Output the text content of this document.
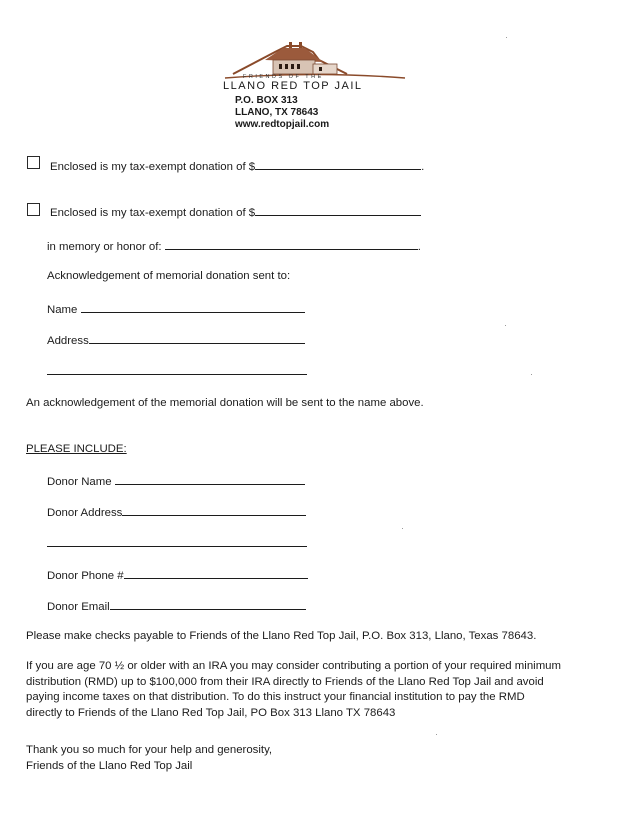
FRIENDS OF THE
LLANO RED TOP JAIL
P.O. BOX 313
LLANO, TX 78643
www.redtopjail.com
Enclosed is my tax-exempt donation of $	.
Enclosed is my tax-exempt donation of $
in memory or honor of:	.
Acknowledgement of memorial donation sent to:
Name
Address
An acknowledgement of the memorial donation will be sent to the name above.
PLEASE INCLUDE:
Donor Name
Donor Address
Donor Phone #
Donor Email
Please make checks payable to Friends of the Llano Red Top Jail, P.O. Box 313, Llano, Texas 78643.
If you are age 70 ½ or older with an IRA you may consider contributing a portion of your required minimum
distribution (RMD) up to $100,000 from their IRA directly to Friends of the Llano Red Top Jail and avoid
paying income taxes on that distribution. To do this instruct your financial institution to pay the RMD
directly to Friends of the Llano Red Top Jail, PO Box 313 Llano TX 78643
Thank you so much for your help and generosity,
Friends of the Llano Red Top Jail
